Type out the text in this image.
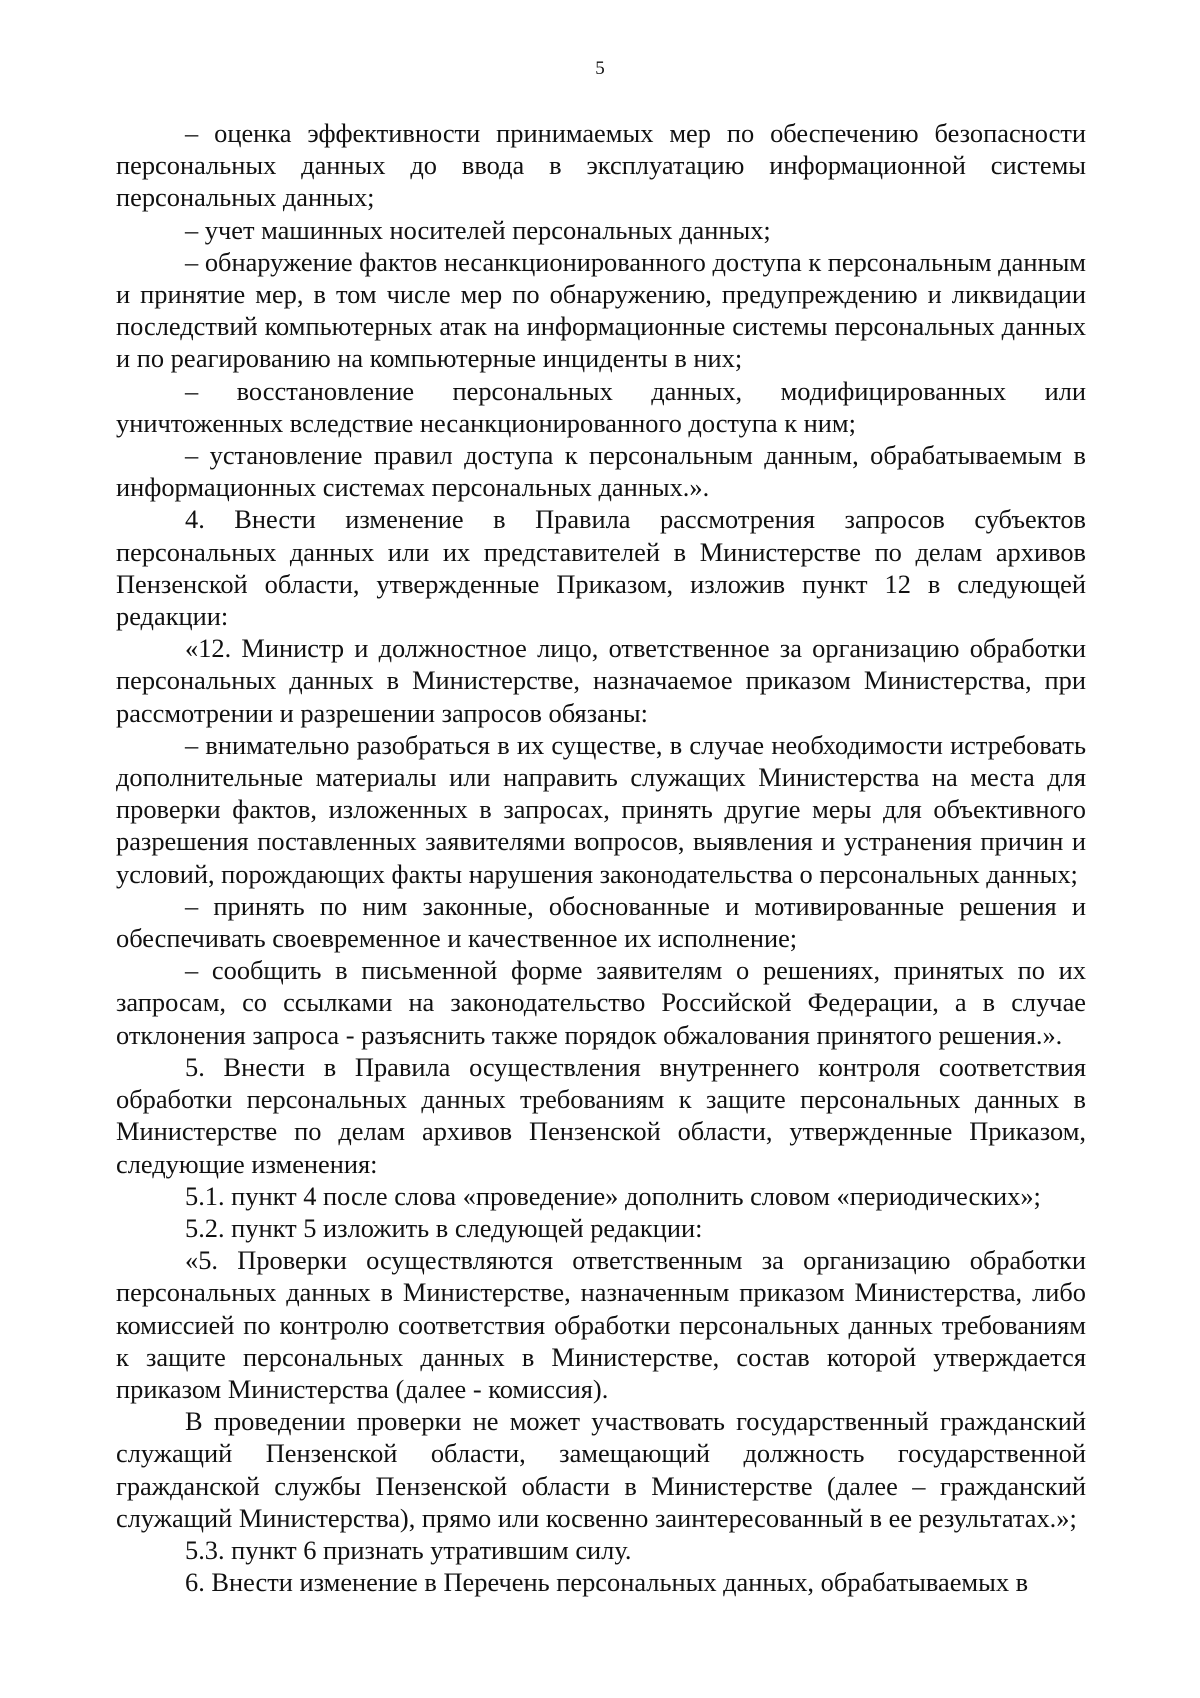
5

– оценка эффективности принимаемых мер по обеспечению безопасности персональных данных до ввода в эксплуатацию информационной системы персональных данных;

– учет машинных носителей персональных данных;

– обнаружение фактов несанкционированного доступа к персональным данным и принятие мер, в том числе мер по обнаружению, предупреждению и ликвидации последствий компьютерных атак на информационные системы персональных данных и по реагированию на компьютерные инциденты в них;

– восстановление персональных данных, модифицированных или уничтоженных вследствие несанкционированного доступа к ним;

– установление правил доступа к персональным данным, обрабатываемым в информационных системах персональных данных.».

4. Внести изменение в Правила рассмотрения запросов субъектов персональных данных или их представителей в Министерстве по делам архивов Пензенской области, утвержденные Приказом, изложив пункт 12 в следующей редакции:

«12. Министр и должностное лицо, ответственное за организацию обработки персональных данных в Министерстве, назначаемое приказом Министерства, при рассмотрении и разрешении запросов обязаны:

– внимательно разобраться в их существе, в случае необходимости истребовать дополнительные материалы или направить служащих Министерства на места для проверки фактов, изложенных в запросах, принять другие меры для объективного разрешения поставленных заявителями вопросов, выявления и устранения причин и условий, порождающих факты нарушения законодательства о персональных данных;

– принять по ним законные, обоснованные и мотивированные решения и обеспечивать своевременное и качественное их исполнение;

– сообщить в письменной форме заявителям о решениях, принятых по их запросам, со ссылками на законодательство Российской Федерации, а в случае отклонения запроса - разъяснить также порядок обжалования принятого решения.».

5. Внести в Правила осуществления внутреннего контроля соответствия обработки персональных данных требованиям к защите персональных данных в Министерстве по делам архивов Пензенской области, утвержденные Приказом, следующие изменения:

5.1. пункт 4 после слова «проведение» дополнить словом «периодических»;

5.2. пункт 5 изложить в следующей редакции:

«5. Проверки осуществляются ответственным за организацию обработки персональных данных в Министерстве, назначенным приказом Министерства, либо комиссией по контролю соответствия обработки персональных данных требованиям к защите персональных данных в Министерстве, состав которой утверждается приказом Министерства (далее - комиссия).

В проведении проверки не может участвовать государственный гражданский служащий Пензенской области, замещающий должность государственной гражданской службы Пензенской области в Министерстве (далее – гражданский служащий Министерства), прямо или косвенно заинтересованный в ее результатах.»;

5.3. пункт 6 признать утратившим силу.

6. Внести изменение в Перечень персональных данных, обрабатываемых в
